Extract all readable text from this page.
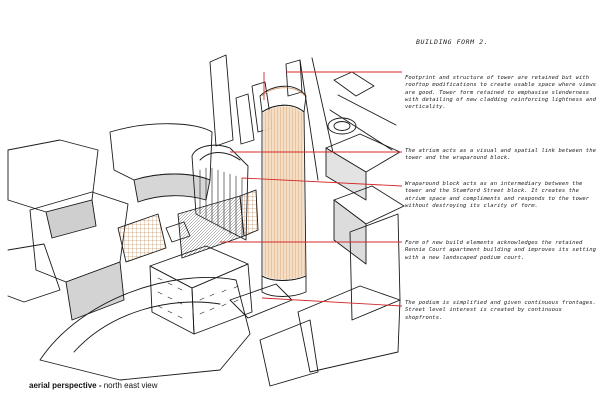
BUILDING FORM 2.
Footprint and structure of tower are retained but with rooftop modifications to create usable space where views are good. Tower form retained to emphasise slenderness with detailing of new cladding reinforcing lightness and verticality.
The atrium acts as a visual and spatial link between the tower and the wraparound block.
Wraparound block acts as an intermediary between the tower and the Stamford Street block. It creates the atrium space and compliments and responds to the tower without destroying its clarity of form.
Form of new build elements acknowledges the retained Rennie Court apartment building and improves its setting with a new landscaped podium court.
The podium is simplified and given continuous frontages. Street level interest is created by continuous shopfronts.
aerial perspective - north east view
